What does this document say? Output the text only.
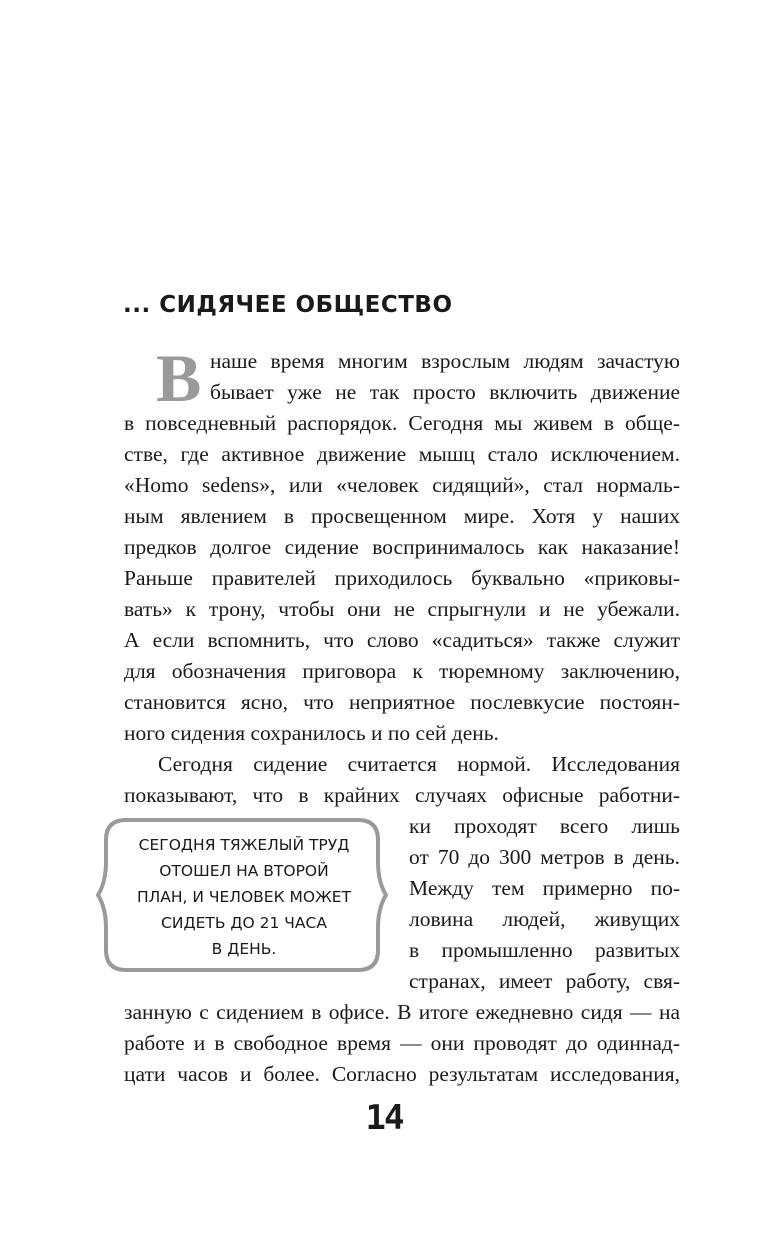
... СИДЯЧЕЕ ОБЩЕСТВО
В наше время многим взрослым людям зачастую
бывает уже не так просто включить движение
в повседневный распорядок. Сегодня мы живем в обще-
стве, где активное движение мышц стало исключением.
«Homo sedens», или «человек сидящий», стал нормаль-
ным явлением в просвещенном мире. Хотя у наших
предков долгое сидение воспринималось как наказание!
Раньше правителей приходилось буквально «приковы-
вать» к трону, чтобы они не спрыгнули и не убежали.
А если вспомнить, что слово «садиться» также служит
для обозначения приговора к тюремному заключению,
становится ясно, что неприятное послевкусие постоян-
ного сидения сохранилось и по сей день.
Сегодня сидение считается нормой. Исследования
показывают, что в крайних случаях офисные работни-
ки проходят всего лишь
от 70 до 300 метров в день.
Между тем примерно по-
ловина людей, живущих
в промышленно развитых
странах, имеет работу, свя-
занную с сидением в офисе. В итоге ежедневно сидя — на
работе и в свободное время — они проводят до одиннад-
цати часов и более. Согласно результатам исследования,
СЕГОДНЯ ТЯЖЕЛЫЙ ТРУД
ОТОШЕЛ НА ВТОРОЙ
ПЛАН, И ЧЕЛОВЕК МОЖЕТ
СИДЕТЬ ДО 21 ЧАСА
В ДЕНЬ.
14
